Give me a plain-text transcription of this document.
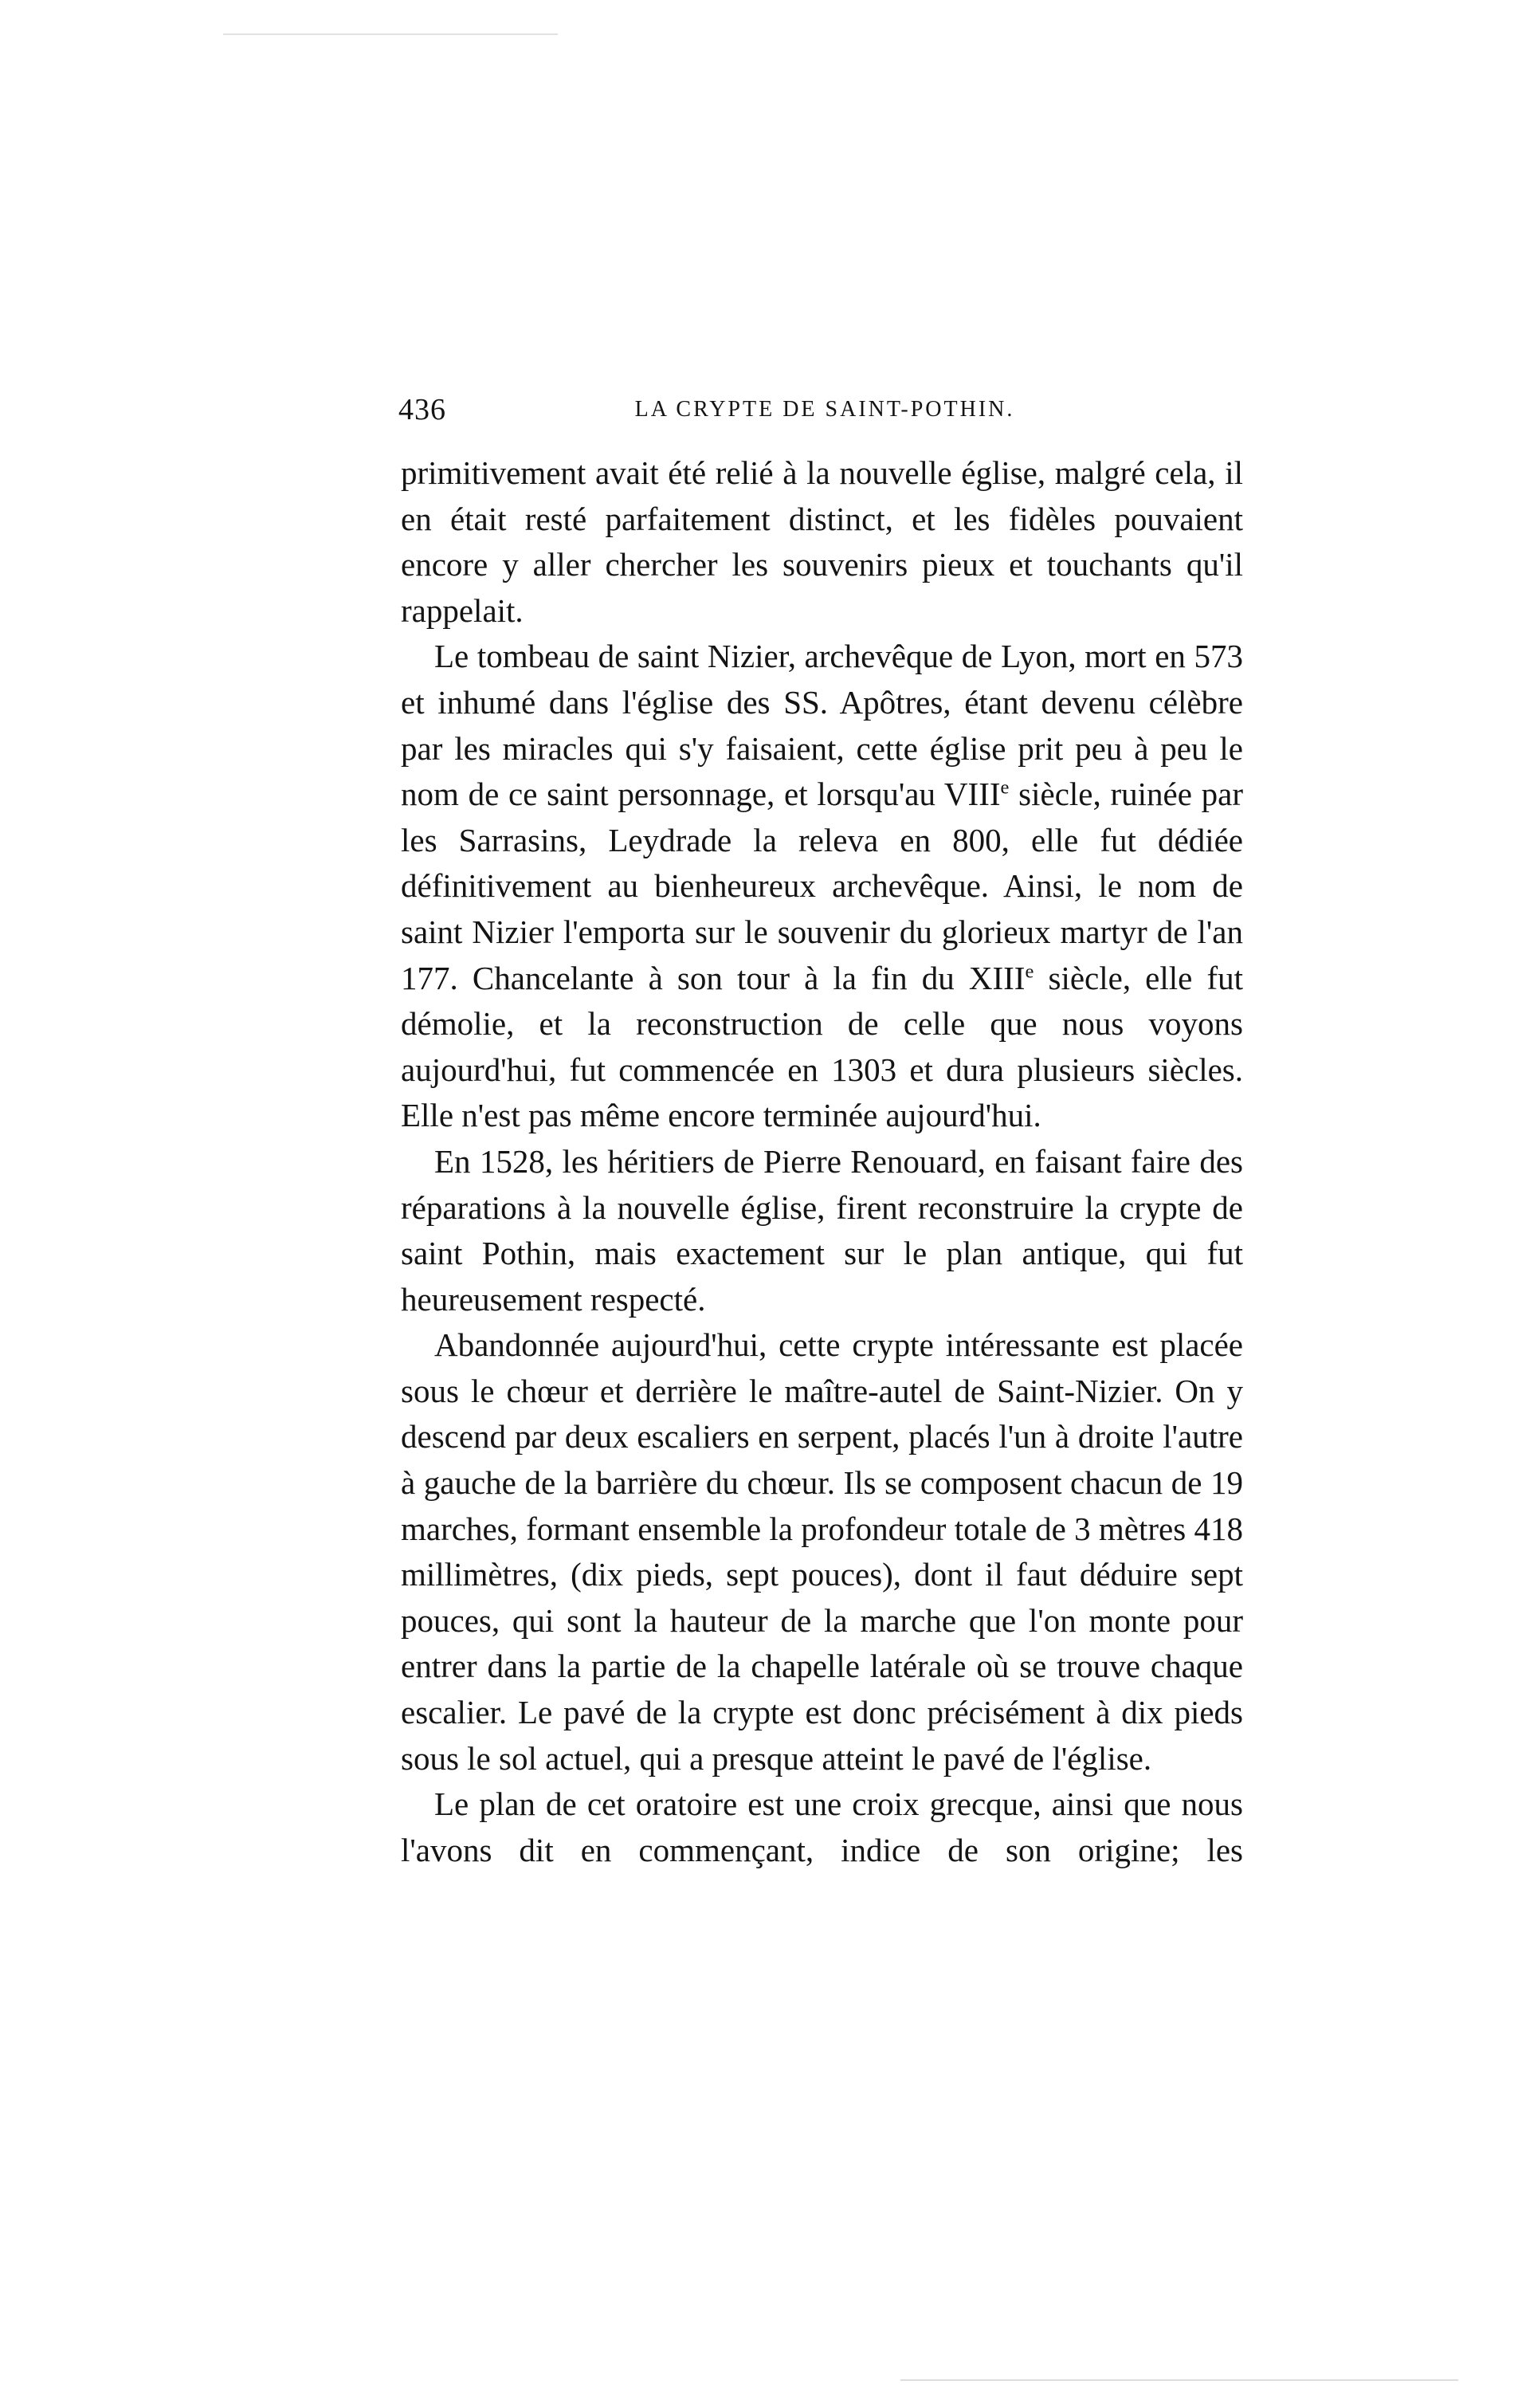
436	LA CRYPTE DE SAINT-POTHIN.

primitivement avait été relié à la nouvelle église, malgré cela, il en était resté parfaitement distinct, et les fidèles pouvaient encore y aller chercher les souvenirs pieux et touchants qu'il rappelait.

Le tombeau de saint Nizier, archevêque de Lyon, mort en 573 et inhumé dans l'église des SS. Apôtres, étant devenu célèbre par les miracles qui s'y faisaient, cette église prit peu à peu le nom de ce saint personnage, et lorsqu'au VIIIe siècle, ruinée par les Sarrasins, Leydrade la releva en 800, elle fut dédiée définitivement au bienheureux archevêque. Ainsi, le nom de saint Nizier l'emporta sur le souvenir du glorieux martyr de l'an 177. Chancelante à son tour à la fin du XIIIe siècle, elle fut démolie, et la reconstruction de celle que nous voyons aujourd'hui, fut commencée en 1303 et dura plusieurs siècles. Elle n'est pas même encore terminée aujourd'hui.

En 1528, les héritiers de Pierre Renouard, en faisant faire des réparations à la nouvelle église, firent reconstruire la crypte de saint Pothin, mais exactement sur le plan antique, qui fut heureusement respecté.

Abandonnée aujourd'hui, cette crypte intéressante est placée sous le chœur et derrière le maître-autel de Saint-Nizier. On y descend par deux escaliers en serpent, placés l'un à droite l'autre à gauche de la barrière du chœur. Ils se composent chacun de 19 marches, formant ensemble la profondeur totale de 3 mètres 418 millimètres, (dix pieds, sept pouces), dont il faut déduire sept pouces, qui sont la hauteur de la marche que l'on monte pour entrer dans la partie de la chapelle latérale où se trouve chaque escalier. Le pavé de la crypte est donc précisément à dix pieds sous le sol actuel, qui a presque atteint le pavé de l'église.

Le plan de cet oratoire est une croix grecque, ainsi que nous l'avons dit en commençant, indice de son origine; les
